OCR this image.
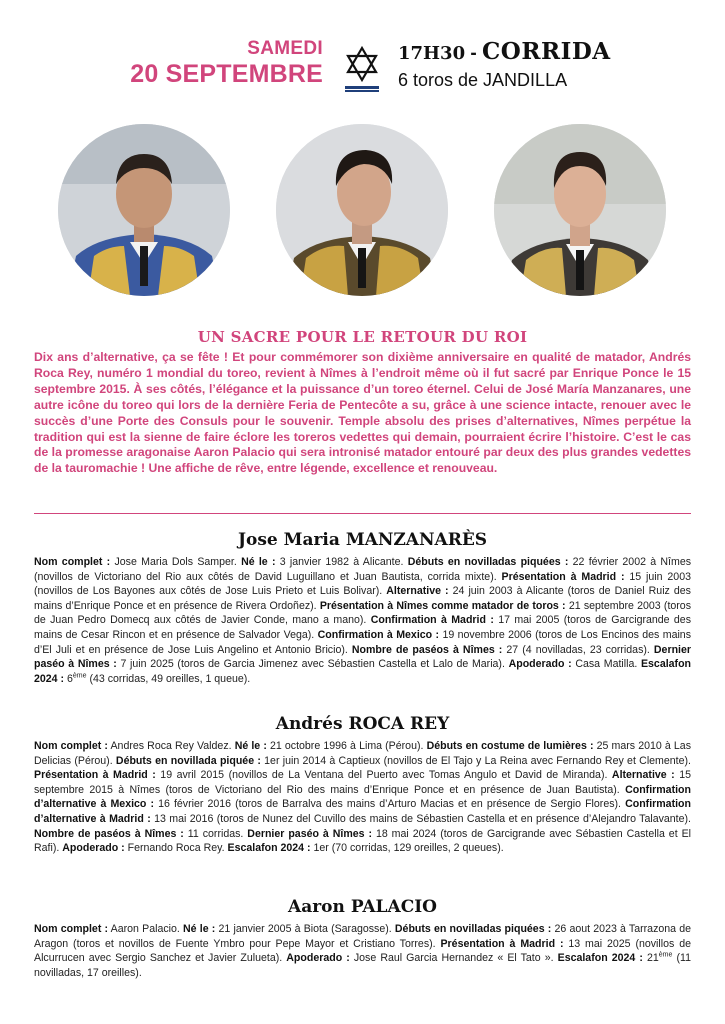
SAMEDI
20 SEPTEMBRE
17H30 - CORRIDA
6 toros de JANDILLA
UN SACRE POUR LE RETOUR DU ROI
Dix ans d’alternative, ça se fête ! Et pour commémorer son dixième anniversaire en qualité de matador, Andrés Roca Rey, numéro 1 mondial du toreo, revient à Nîmes à l’endroit même où il fut sacré par Enrique Ponce le 15 septembre 2015. À ses côtés, l’élégance et la puissance d’un toreo éternel. Celui de José María Manzanares, une autre icône du toreo qui lors de la dernière Feria de Pentecôte a su, grâce à une science intacte, renouer avec le succès d’une Porte des Consuls pour le souvenir. Temple absolu des prises d’alternatives, Nîmes perpétue la tradition qui est la sienne de faire éclore les toreros vedettes qui demain, pourraient écrire l’histoire. C’est le cas de la promesse aragonaise Aaron Palacio qui sera intronisé matador entouré par deux des plus grandes vedettes de la tauromachie ! Une affiche de rêve, entre légende, excellence et renouveau.
Jose Maria MANZANARÈS
Nom complet : Jose Maria Dols Samper. Né le : 3 janvier 1982 à Alicante. Débuts en novilladas piquées : 22 février 2002 à Nîmes (novillos de Victoriano del Rio aux côtés de David Luguillano et Juan Bautista, corrida mixte). Présentation à Madrid : 15 juin 2003 (novillos de Los Bayones aux côtés de Jose Luis Prieto et Luis Bolivar). Alternative : 24 juin 2003 à Alicante (toros de Daniel Ruiz des mains d’Enrique Ponce et en présence de Rivera Ordoñez). Présentation à Nîmes comme matador de toros : 21 septembre 2003 (toros de Juan Pedro Domecq aux côtés de Javier Conde, mano a mano). Confirmation à Madrid : 17 mai 2005 (toros de Garcigrande des mains de Cesar Rincon et en présence de Salvador Vega). Confirmation à Mexico : 19 novembre 2006 (toros de Los Encinos des mains d’El Juli et en présence de Jose Luis Angelino et Antonio Bricio). Nombre de paséos à Nîmes : 27 (4 novilladas, 23 corridas). Dernier paséo à Nîmes : 7 juin 2025 (toros de Garcia Jimenez avec Sébastien Castella et Lalo de Maria). Apoderado : Casa Matilla. Escalafon 2024 : 6ème (43 corridas, 49 oreilles, 1 queue).
Andrés ROCA REY
Nom complet : Andres Roca Rey Valdez. Né le : 21 octobre 1996 à Lima (Pérou). Débuts en costume de lumières : 25 mars 2010 à Las Delicias (Pérou). Débuts en novillada piquée : 1er juin 2014 à Captieux (novillos de El Tajo y La Reina avec Fernando Rey et Clemente). Présentation à Madrid : 19 avril 2015 (novillos de La Ventana del Puerto avec Tomas Angulo et David de Miranda). Alternative : 15 septembre 2015 à Nîmes (toros de Victoriano del Rio des mains d’Enrique Ponce et en présence de Juan Bautista). Confirmation d’alternative à Mexico : 16 février 2016 (toros de Barralva des mains d’Arturo Macias et en présence de Sergio Flores). Confirmation d’alternative à Madrid : 13 mai 2016 (toros de Nunez del Cuvillo des mains de Sébastien Castella et en présence d’Alejandro Talavante). Nombre de paséos à Nîmes : 11 corridas. Dernier paséo à Nîmes : 18 mai 2024 (toros de Garcigrande avec Sébastien Castella et El Rafi). Apoderado : Fernando Roca Rey. Escalafon 2024 : 1er (70 corridas, 129 oreilles, 2 queues).
Aaron PALACIO
Nom complet : Aaron Palacio. Né le : 21 janvier 2005 à Biota (Saragosse). Débuts en novilladas piquées : 26 aout 2023 à Tarrazona de Aragon (toros et novillos de Fuente Ymbro pour Pepe Mayor et Cristiano Torres). Présentation à Madrid : 13 mai 2025 (novillos de Alcurrucen avec Sergio Sanchez et Javier Zulueta). Apoderado : Jose Raul Garcia Hernandez « El Tato ». Escalafon 2024 : 21ème (11 novilladas, 17 oreilles).
